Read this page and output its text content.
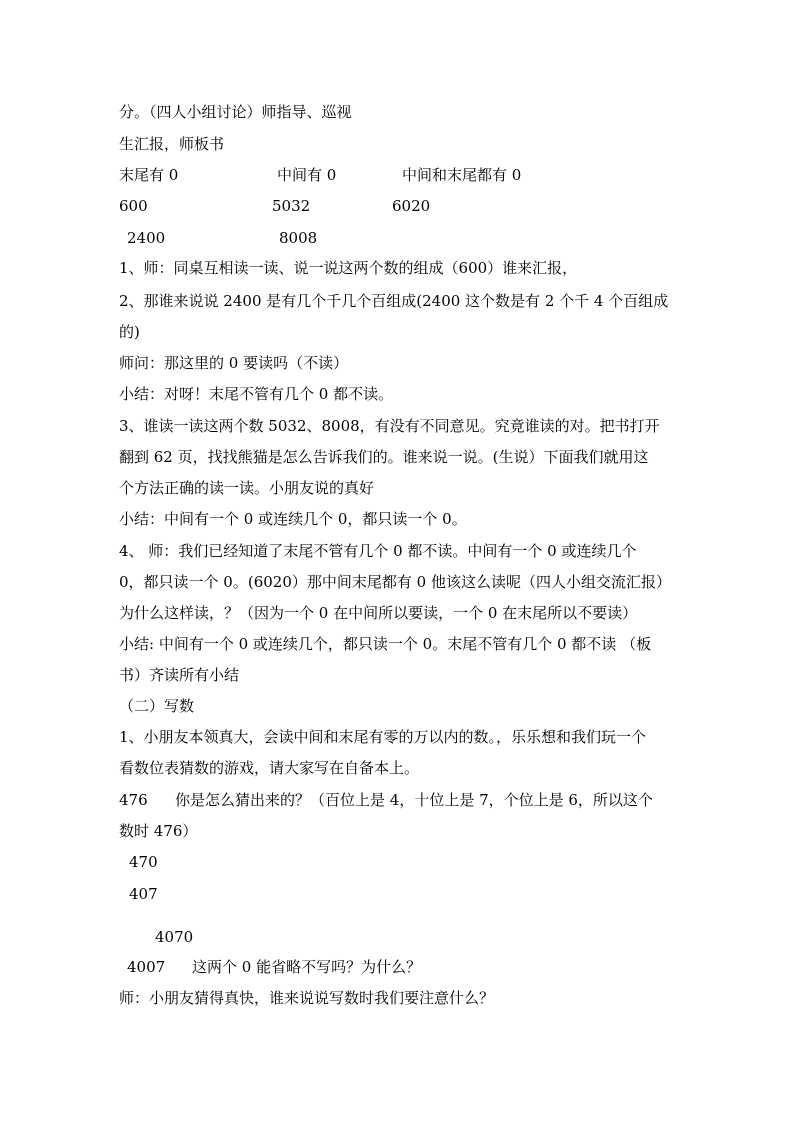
分。（四人小组讨论）师指导、巡视
生汇报，师板书
末尾有 0	中间有 0	中间和末尾都有 0
600	5032	6020
2400	8008
1、师：同桌互相读一读、说一说这两个数的组成（600）谁来汇报，
2、那谁来说说 2400 是有几个千几个百组成(2400 这个数是有 2 个千 4 个百组成
的)
师问：那这里的 0 要读吗（不读）
小结：对呀！末尾不管有几个 0 都不读。
3、谁读一读这两个数 5032、8008，有没有不同意见。究竟谁读的对。把书打开
翻到 62 页，找找熊猫是怎么告诉我们的。谁来说一说。(生说）下面我们就用这
个方法正确的读一读。小朋友说的真好
小结：中间有一个 0 或连续几个 0，都只读一个 0。
4、 师：我们已经知道了末尾不管有几个 0 都不读。中间有一个 0 或连续几个
0，都只读一个 0。(6020）那中间末尾都有 0 他该这么读呢（四人小组交流汇报）
为什么这样读，？（因为一个 0 在中间所以要读，一个 0 在末尾所以不要读）
小结: 中间有一个 0 或连续几个，都只读一个 0。末尾不管有几个 0 都不读 （板
书）齐读所有小结
（二）写数
1、小朋友本领真大，会读中间和末尾有零的万以内的数。，乐乐想和我们玩一个
看数位表猜数的游戏，请大家写在自备本上。
476 你是怎么猜出来的？（百位上是 4，十位上是 7，个位上是 6，所以这个
数时 476）
470
407
4070
4007 这两个 0 能省略不写吗？为什么？
师：小朋友猜得真快，谁来说说写数时我们要注意什么？
